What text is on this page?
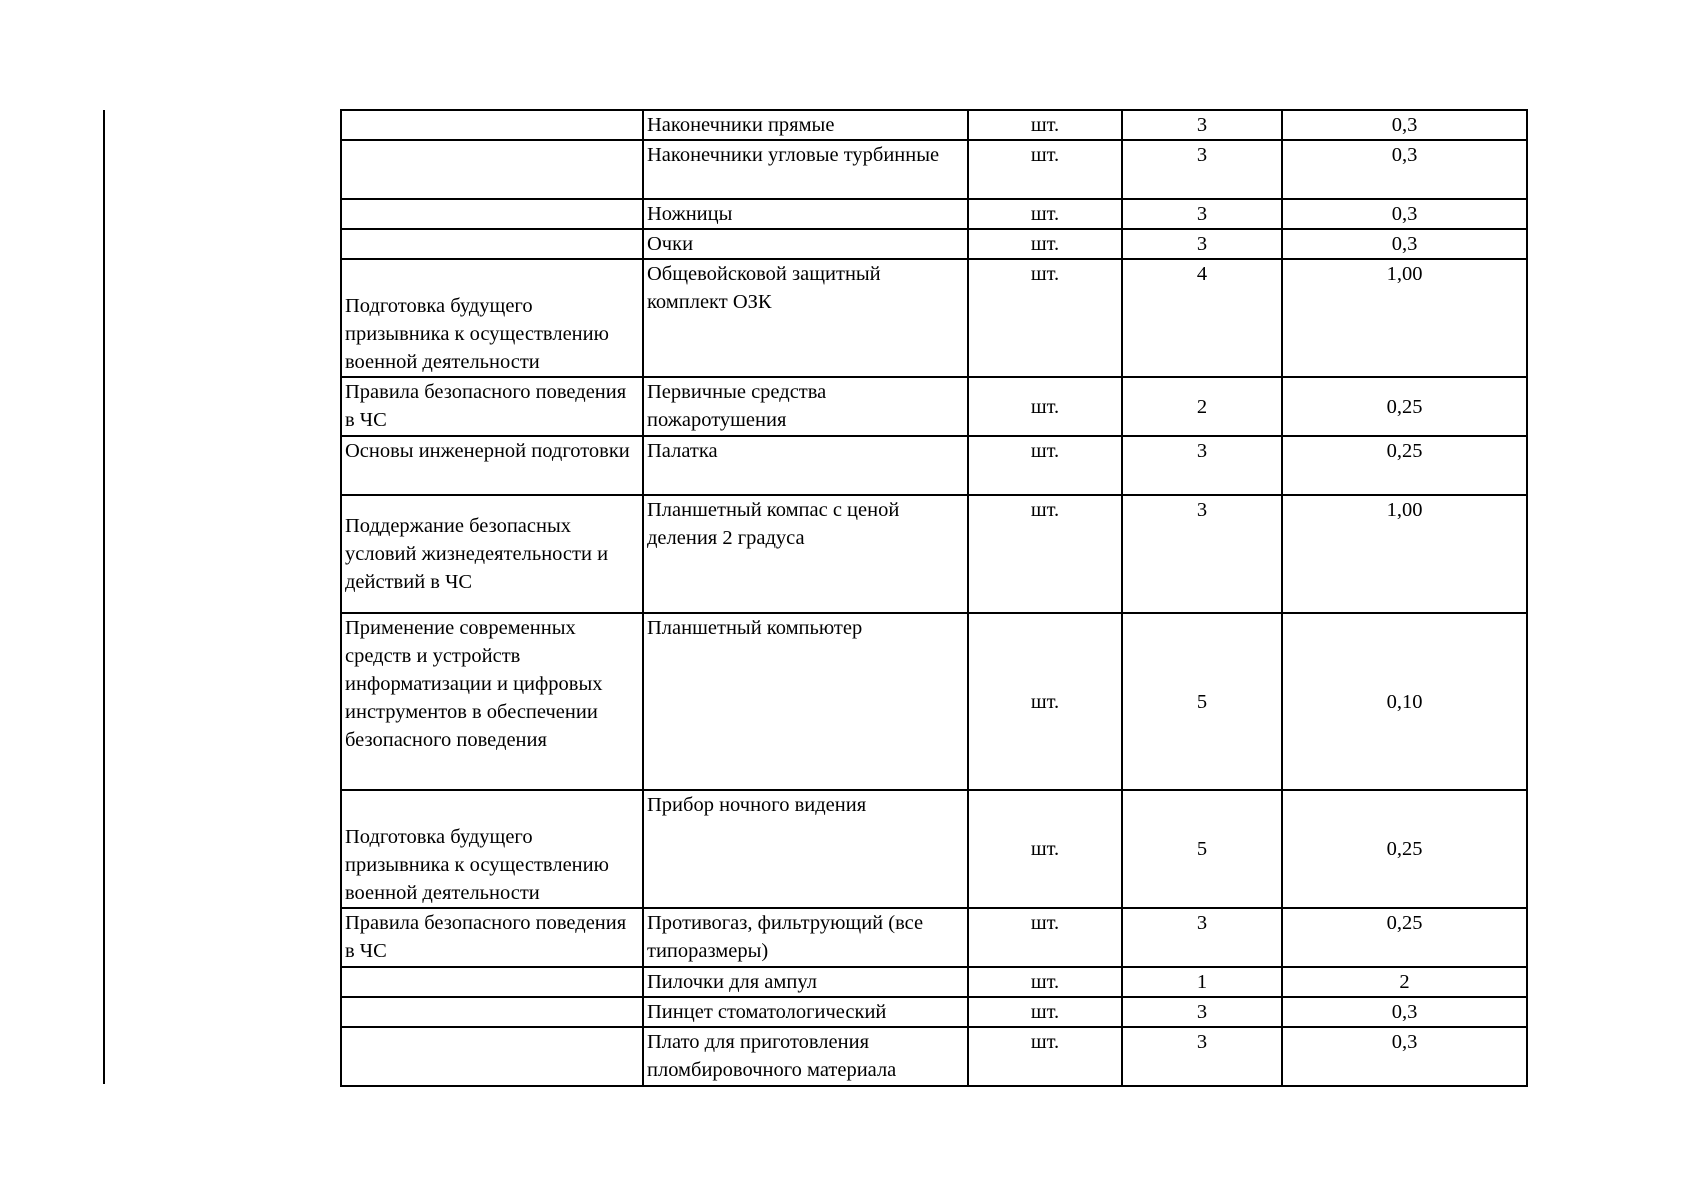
	Наконечники прямые	шт.	3	0,3
	Наконечники угловые турбинные	шт.	3	0,3
	Ножницы	шт.	3	0,3
	Очки	шт.	3	0,3
Подготовка будущего призывника к осуществлению военной деятельности	Общевойсковой защитный комплект ОЗК	шт.	4	1,00
Правила безопасного поведения в ЧС	Первичные средства пожаротушения	шт.	2	0,25
Основы инженерной подготовки	Палатка	шт.	3	0,25
Поддержание безопасных условий жизнедеятельности и действий в ЧС	Планшетный компас с ценой деления 2 градуса	шт.	3	1,00
Применение современных средств и устройств информатизации и цифровых инструментов в обеспечении безопасного поведения	Планшетный компьютер	шт.	5	0,10
Подготовка будущего призывника к осуществлению военной деятельности	Прибор ночного видения	шт.	5	0,25
Правила безопасного поведения в ЧС	Противогаз, фильтрующий (все типоразмеры)	шт.	3	0,25
	Пилочки для ампул	шт.	1	2
	Пинцет стоматологический	шт.	3	0,3
	Плато для приготовления пломбировочного материала	шт.	3	0,3
